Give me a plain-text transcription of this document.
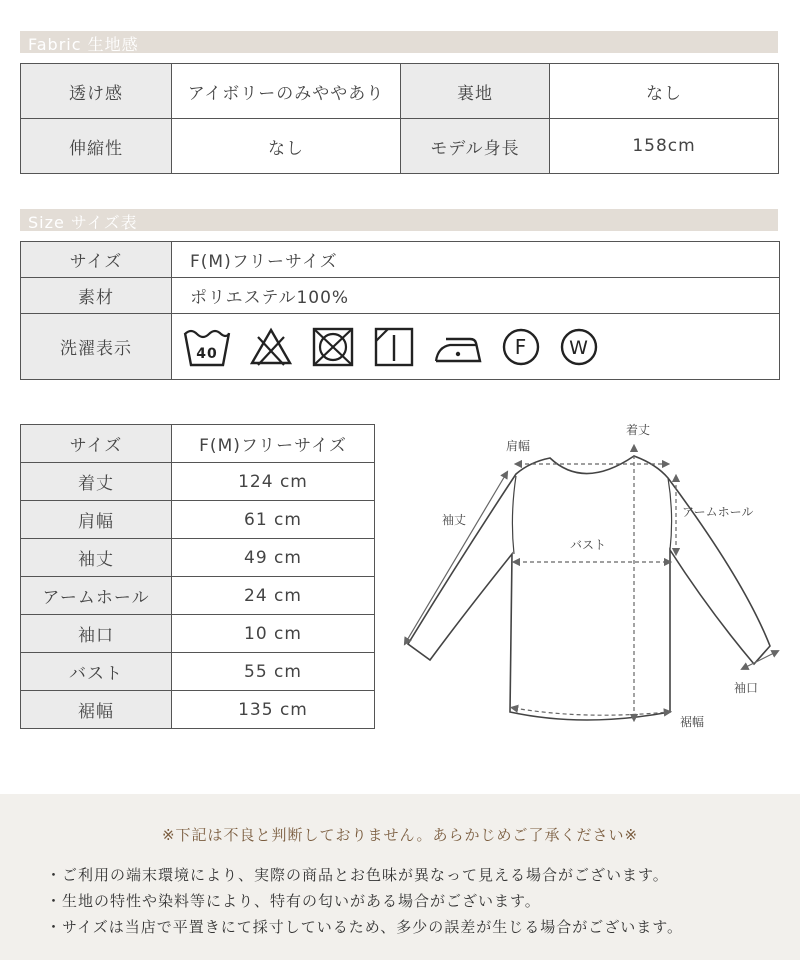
Fabric 生地感
透け感	アイボリーのみややあり	裏地	なし
伸縮性	なし	モデル身長	158cm
Size サイズ表
サイズ	F(M)フリーサイズ
素材	ポリエステル100%
洗濯表示	40 F W
サイズ	F(M)フリーサイズ
着丈	124 cm
肩幅	61 cm
袖丈	49 cm
アームホール	24 cm
袖口	10 cm
バスト	55 cm
裾幅	135 cm
着丈
肩幅
袖丈
アームホール
バスト
袖口
裾幅
※下記は不良と判断しておりません。あらかじめご了承ください※
・ご利用の端末環境により、実際の商品とお色味が異なって見える場合がございます。
・生地の特性や染料等により、特有の匂いがある場合がございます。
・サイズは当店で平置きにて採寸しているため、多少の誤差が生じる場合がございます。
